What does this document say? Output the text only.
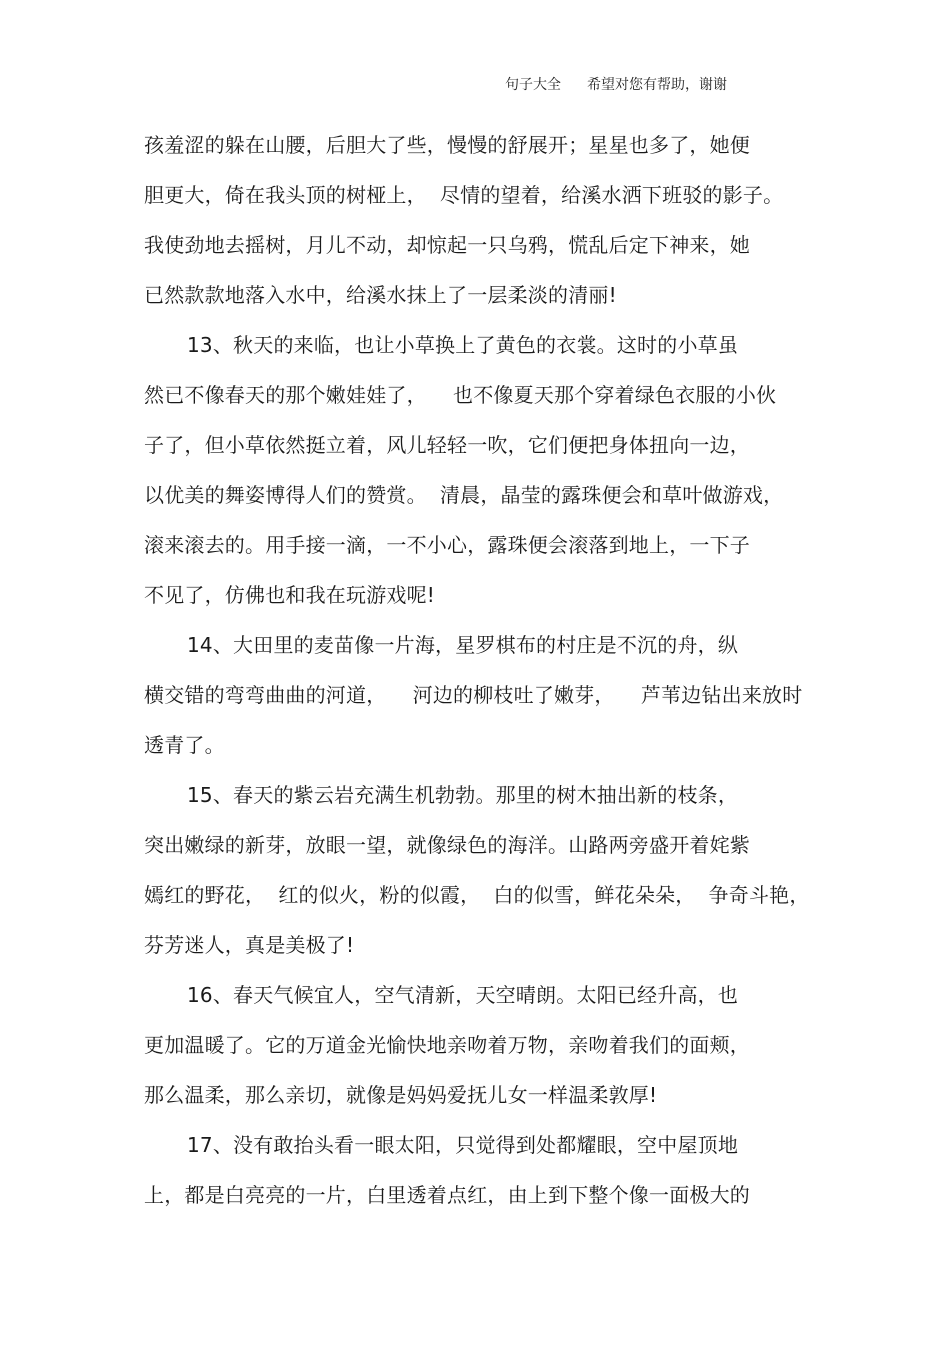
句子大全 希望对您有帮助，谢谢
孩羞涩的躲在山腰，后胆大了些，慢慢的舒展开；星星也多了，她便
胆更大，倚在我头顶的树桠上，  尽情的望着，给溪水洒下班驳的影子。
我使劲地去摇树，月儿不动，却惊起一只乌鸦，慌乱后定下神来，她
已然款款地落入水中，给溪水抹上了一层柔淡的清丽!
13、秋天的来临，也让小草换上了黄色的衣裳。这时的小草虽
然已不像春天的那个嫩娃娃了，    也不像夏天那个穿着绿色衣服的小伙
子了，但小草依然挺立着，风儿轻轻一吹，它们便把身体扭向一边，
以优美的舞姿博得人们的赞赏。  清晨，晶莹的露珠便会和草叶做游戏，
滚来滚去的。用手接一滴，一不小心，露珠便会滚落到地上，一下子
不见了，仿佛也和我在玩游戏呢!
14、大田里的麦苗像一片海，星罗棋布的村庄是不沉的舟，纵
横交错的弯弯曲曲的河道，    河边的柳枝吐了嫩芽，    芦苇边钻出来放时
透青了。
15、春天的紫云岩充满生机勃勃。那里的树木抽出新的枝条，
突出嫩绿的新芽，放眼一望，就像绿色的海洋。山路两旁盛开着姹紫
嫣红的野花，  红的似火，粉的似霞，  白的似雪，鲜花朵朵，  争奇斗艳，
芬芳迷人，真是美极了!
16、春天气候宜人，空气清新，天空晴朗。太阳已经升高，也
更加温暖了。它的万道金光愉快地亲吻着万物，亲吻着我们的面颊，
那么温柔，那么亲切，就像是妈妈爱抚儿女一样温柔敦厚!
17、没有敢抬头看一眼太阳，只觉得到处都耀眼，空中屋顶地
上，都是白亮亮的一片，白里透着点红，由上到下整个像一面极大的
